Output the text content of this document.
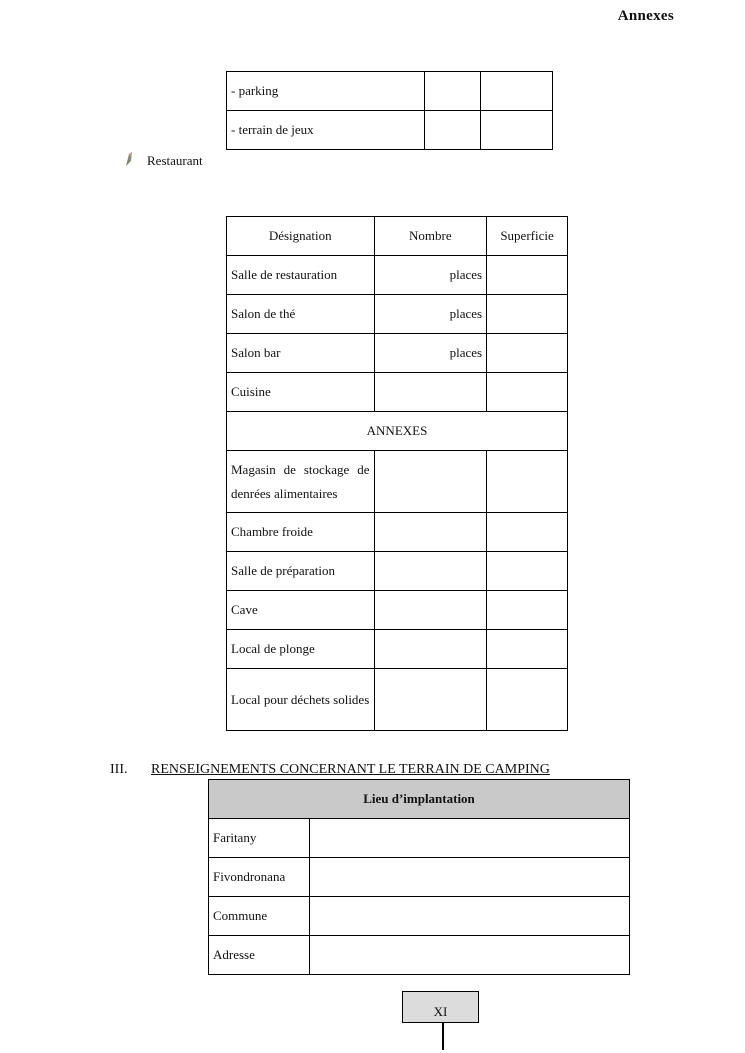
Annexes
- parking		
- terrain de jeux		
Restaurant
Désignation	Nombre	Superficie
Salle de restauration	places	
Salon de thé	places	
Salon bar	places	
Cuisine		
ANNEXES		
Magasin de stockage de denrées alimentaires		
Chambre froide		
Salle de préparation		
Cave		
Local de plonge		
Local pour déchets solides		
III. RENSEIGNEMENTS CONCERNANT LE TERRAIN DE CAMPING
Lieu d’implantation	
Faritany	
Fivondronana	
Commune	
Adresse	
XI
